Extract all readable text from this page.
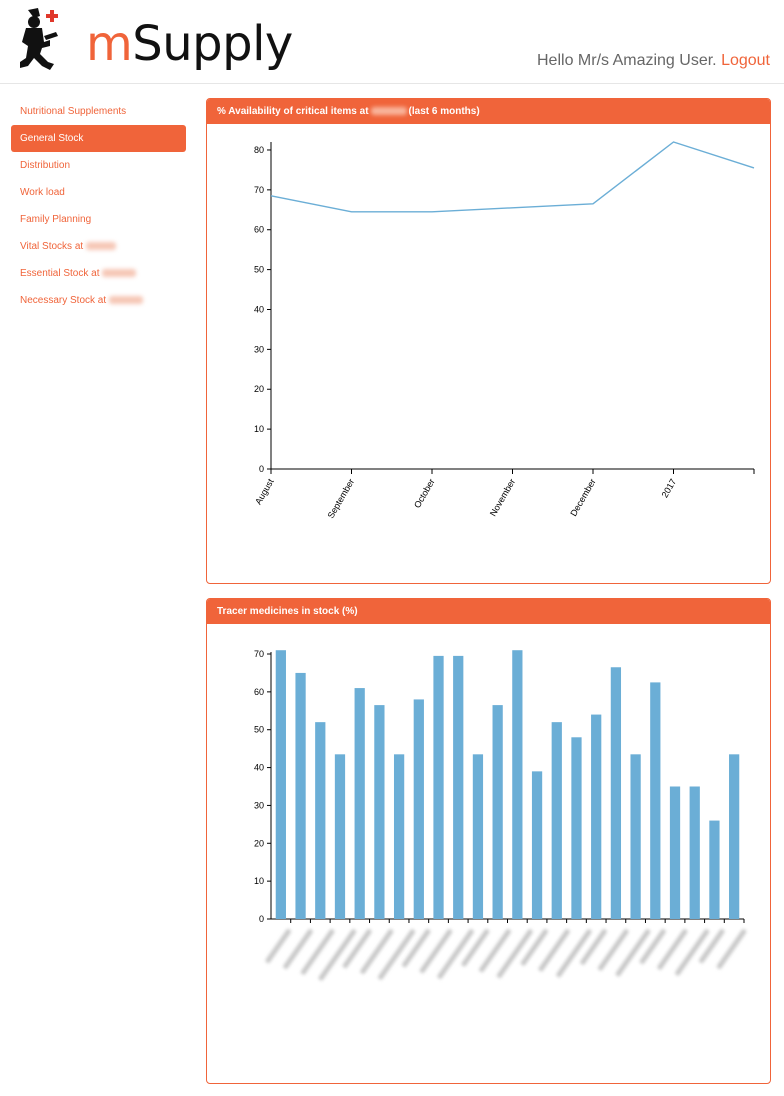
mSupply	Hello Mr/s Amazing User. Logout
Nutritional Supplements
General Stock
Distribution
Work load
Family Planning
Vital Stocks at
Essential Stock at
Necessary Stock at
% Availability of critical items at	(last 6 months)
0
10
20
30
40
50
60
70
80
August	September	October	November	December	2017
Tracer medicines in stock (%)
0
10
20
30
40
50
60
70
